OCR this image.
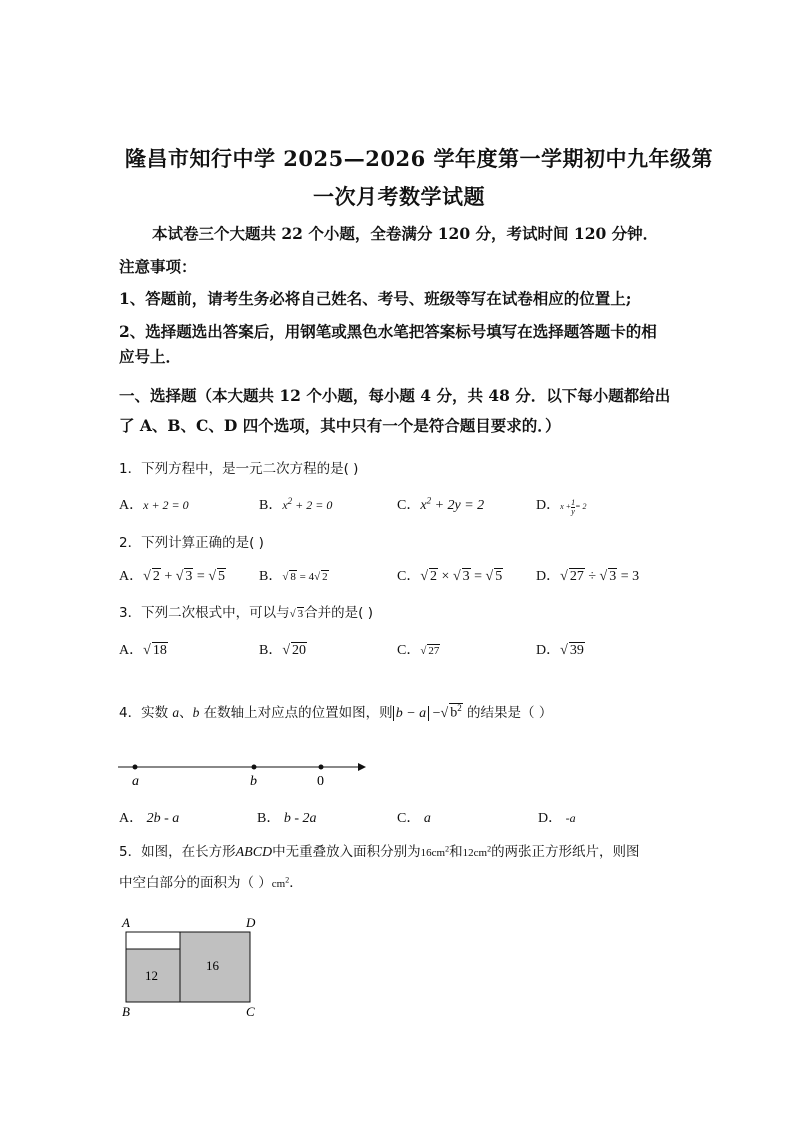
隆昌市知行中学 2025—2026 学年度第一学期初中九年级第
一次月考数学试题
本试卷三个大题共 22 个小题，全卷满分 120 分，考试时间 120 分钟．
注意事项：
1、答题前，请考生务必将自己姓名、考号、班级等写在试卷相应的位置上;
2、选择题选出答案后，用钢笔或黑色水笔把答案标号填写在选择题答题卡的相
应号上．
一、选择题（本大题共 12 个小题，每小题 4 分，共 48 分．以下每小题都给出
了 A、B、C、D 四个选项，其中只有一个是符合题目要求的．）
1．下列方程中，是一元二次方程的是( )
A．x + 2 = 0	B．$x^2 + 2 = 0$	C．$x^2 + 2y = 2$	D．$x + \frac{1}{y} = 2$
2．下列计算正确的是( )
A．√ 2 + √ 3 = √ 5 B．√ 8 = 4√ 2	C．√ 2 × √ 3 = √ 5 D．√ 27 ÷ √ 3 = 3
3．下列二次根式中，可以与√ 3合并的是( )
A．√ 18	B．√ 20	C．√ 27	D．√ 39
4．实数 a、b 在数轴上对应点的位置如图，则 b − a −√ $b^2$ 的结果是（ ）
a	b	0
A． 2b - a	B． b - 2a	C． a	D． -a
5．如图，在长方形ABCD中无重叠放入面积分别为$16cm^2$和$12cm^2$的两张正方形纸片，则图
中空白部分的面积为（ ）$cm^2$．
A	D
B	C
12
16
